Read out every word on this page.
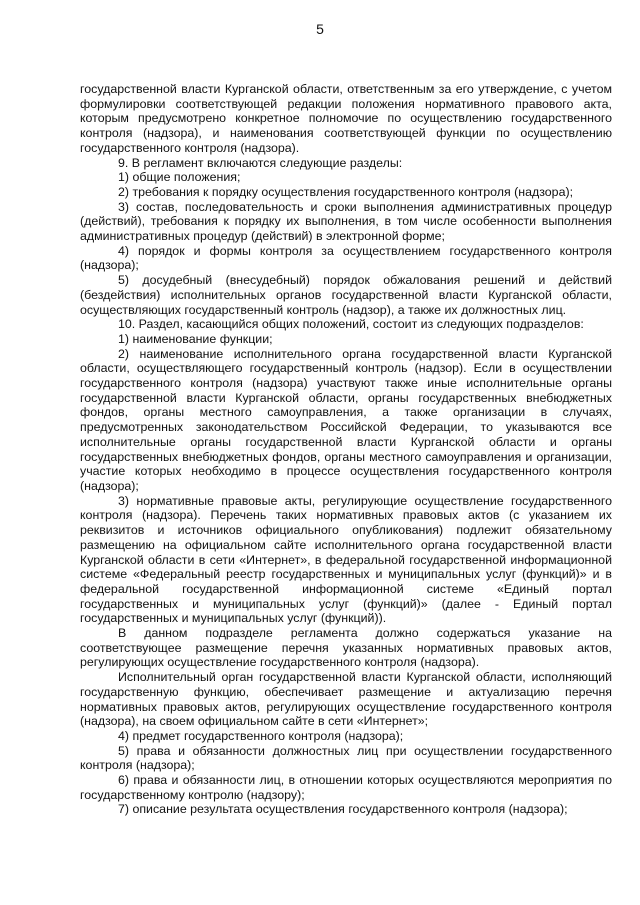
5

государственной власти Курганской области, ответственным за его утверждение, с учетом формулировки соответствующей редакции положения нормативного правового акта, которым предусмотрено конкретное полномочие по осуществлению государственного контроля (надзора), и наименования соответствующей функции по осуществлению государственного контроля (надзора).

9. В регламент включаются следующие разделы:

1) общие положения;

2) требования к порядку осуществления государственного контроля (надзора);

3) состав, последовательность и сроки выполнения административных процедур (действий), требования к порядку их выполнения, в том числе особенности выполнения административных процедур (действий) в электронной форме;

4) порядок и формы контроля за осуществлением государственного контроля (надзора);

5) досудебный (внесудебный) порядок обжалования решений и действий (бездействия) исполнительных органов государственной власти Курганской области, осуществляющих государственный контроль (надзор), а также их должностных лиц.

10. Раздел, касающийся общих положений, состоит из следующих подразделов:

1) наименование функции;

2) наименование исполнительного органа государственной власти Курганской области, осуществляющего государственный контроль (надзор). Если в осуществлении государственного контроля (надзора) участвуют также иные исполнительные органы государственной власти Курганской области, органы государственных внебюджетных фондов, органы местного самоуправления, а также организации в случаях, предусмотренных законодательством Российской Федерации, то указываются все исполнительные органы государственной власти Курганской области и органы государственных внебюджетных фондов, органы местного самоуправления и организации, участие которых необходимо в процессе осуществления государственного контроля (надзора);

3) нормативные правовые акты, регулирующие осуществление государственного контроля (надзора). Перечень таких нормативных правовых актов (с указанием их реквизитов и источников официального опубликования) подлежит обязательному размещению на официальном сайте исполнительного органа государственной власти Курганской области в сети «Интернет», в федеральной государственной информационной системе «Федеральный реестр государственных и муниципальных услуг (функций)» и в федеральной государственной информационной системе «Единый портал государственных и муниципальных услуг (функций)» (далее - Единый портал государственных и муниципальных услуг (функций)).

В данном подразделе регламента должно содержаться указание на соответствующее размещение перечня указанных нормативных правовых актов, регулирующих осуществление государственного контроля (надзора).

Исполнительный орган государственной власти Курганской области, исполняющий государственную функцию, обеспечивает размещение и актуализацию перечня нормативных правовых актов, регулирующих осуществление государственного контроля (надзора), на своем официальном сайте в сети «Интернет»;

4) предмет государственного контроля (надзора);

5) права и обязанности должностных лиц при осуществлении государственного контроля (надзора);

6) права и обязанности лиц, в отношении которых осуществляются мероприятия по государственному контролю (надзору);

7) описание результата осуществления государственного контроля (надзора);
